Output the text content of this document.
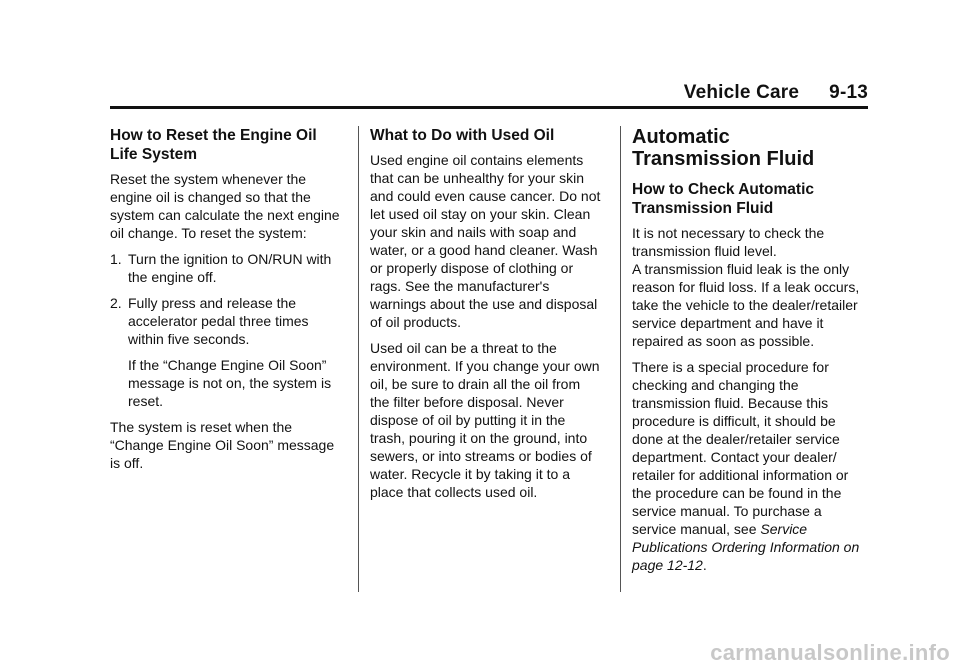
Vehicle Care 9-13
How to Reset the Engine Oil Life System

Reset the system whenever the engine oil is changed so that the system can calculate the next engine oil change. To reset the system:

1. Turn the ignition to ON/RUN with the engine off.
2. Fully press and release the accelerator pedal three times within five seconds.
If the “Change Engine Oil Soon” message is not on, the system is reset.

The system is reset when the “Change Engine Oil Soon” message is off.

What to Do with Used Oil

Used engine oil contains elements that can be unhealthy for your skin and could even cause cancer. Do not let used oil stay on your skin. Clean your skin and nails with soap and water, or a good hand cleaner. Wash or properly dispose of clothing or rags. See the manufacturer's warnings about the use and disposal of oil products.

Used oil can be a threat to the environment. If you change your own oil, be sure to drain all the oil from the filter before disposal. Never dispose of oil by putting it in the trash, pouring it on the ground, into sewers, or into streams or bodies of water. Recycle it by taking it to a place that collects used oil.

Automatic Transmission Fluid
How to Check Automatic Transmission Fluid

It is not necessary to check the transmission fluid level.

A transmission fluid leak is the only reason for fluid loss. If a leak occurs, take the vehicle to the dealer/retailer service department and have it repaired as soon as possible.

There is a special procedure for checking and changing the transmission fluid. Because this procedure is difficult, it should be done at the dealer/retailer service department. Contact your dealer/ retailer for additional information or the procedure can be found in the service manual. To purchase a service manual, see Service Publications Ordering Information on page 12-12.

carmanualsonline.info
